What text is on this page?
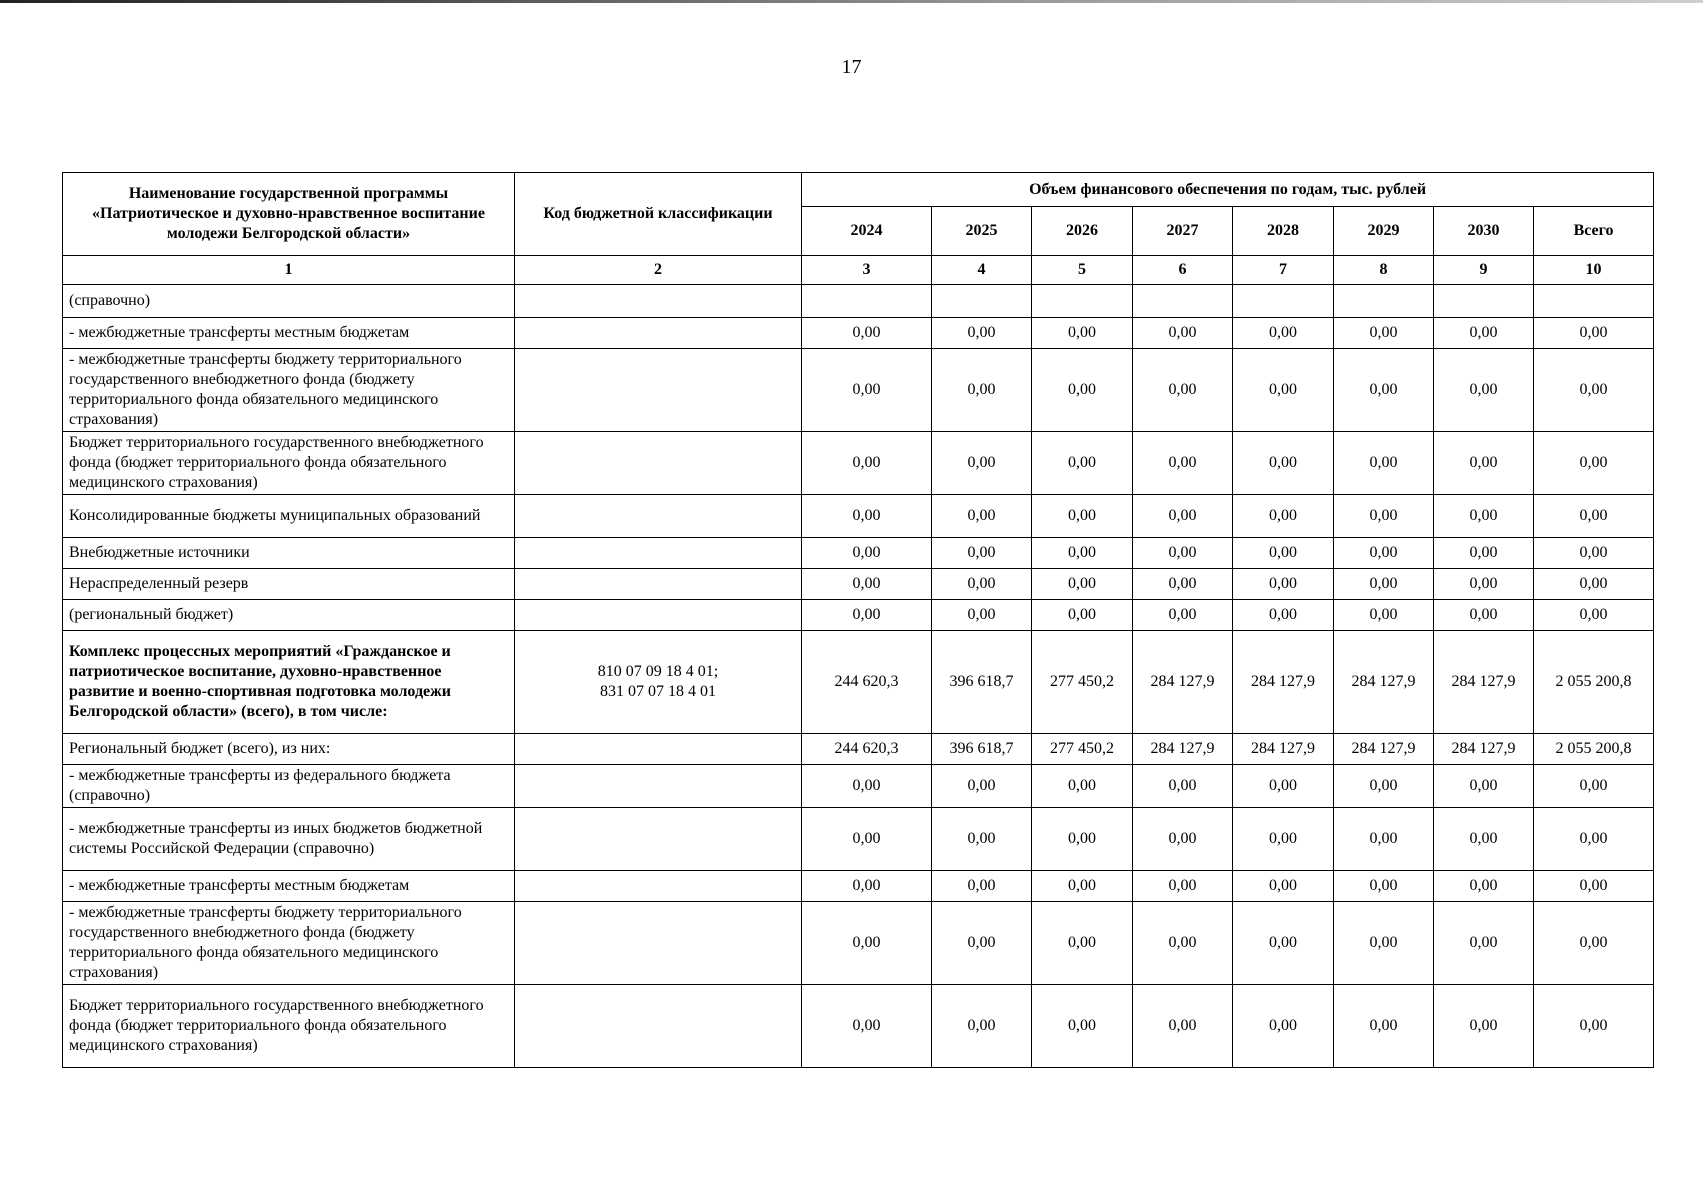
17
Наименование государственной программы «Патриотическое и духовно-нравственное воспитание молодежи Белгородской области»	Код бюджетной классификации	Объем финансового обеспечения по годам, тыс. рублей							
		2024	2025	2026	2027	2028	2029	2030	Всего
1	2	3	4	5	6	7	8	9	10
(справочно)									
- межбюджетные трансферты местным бюджетам		0,00	0,00	0,00	0,00	0,00	0,00	0,00	0,00
- межбюджетные трансферты бюджету территориального государственного внебюджетного фонда (бюджету территориального фонда обязательного медицинского страхования)		0,00	0,00	0,00	0,00	0,00	0,00	0,00	0,00
Бюджет территориального государственного внебюджетного фонда (бюджет территориального фонда обязательного медицинского страхования)		0,00	0,00	0,00	0,00	0,00	0,00	0,00	0,00
Консолидированные бюджеты муниципальных образований		0,00	0,00	0,00	0,00	0,00	0,00	0,00	0,00
Внебюджетные источники		0,00	0,00	0,00	0,00	0,00	0,00	0,00	0,00
Нераспределенный резерв		0,00	0,00	0,00	0,00	0,00	0,00	0,00	0,00
(региональный бюджет)		0,00	0,00	0,00	0,00	0,00	0,00	0,00	0,00
Комплекс процессных мероприятий «Гражданское и патриотическое воспитание, духовно-нравственное развитие и военно-спортивная подготовка молодежи Белгородской области» (всего), в том числе:	810 07 09 18 4 01;
831 07 07 18 4 01	244 620,3	396 618,7	277 450,2	284 127,9	284 127,9	284 127,9	284 127,9	2 055 200,8
Региональный бюджет (всего), из них:		244 620,3	396 618,7	277 450,2	284 127,9	284 127,9	284 127,9	284 127,9	2 055 200,8
- межбюджетные трансферты из федерального бюджета (справочно)		0,00	0,00	0,00	0,00	0,00	0,00	0,00	0,00
- межбюджетные трансферты из иных бюджетов бюджетной системы Российской Федерации (справочно)		0,00	0,00	0,00	0,00	0,00	0,00	0,00	0,00
- межбюджетные трансферты местным бюджетам		0,00	0,00	0,00	0,00	0,00	0,00	0,00	0,00
- межбюджетные трансферты бюджету территориального государственного внебюджетного фонда (бюджету территориального фонда обязательного медицинского страхования)		0,00	0,00	0,00	0,00	0,00	0,00	0,00	0,00
Бюджет территориального государственного внебюджетного фонда (бюджет территориального фонда обязательного медицинского страхования)		0,00	0,00	0,00	0,00	0,00	0,00	0,00	0,00
